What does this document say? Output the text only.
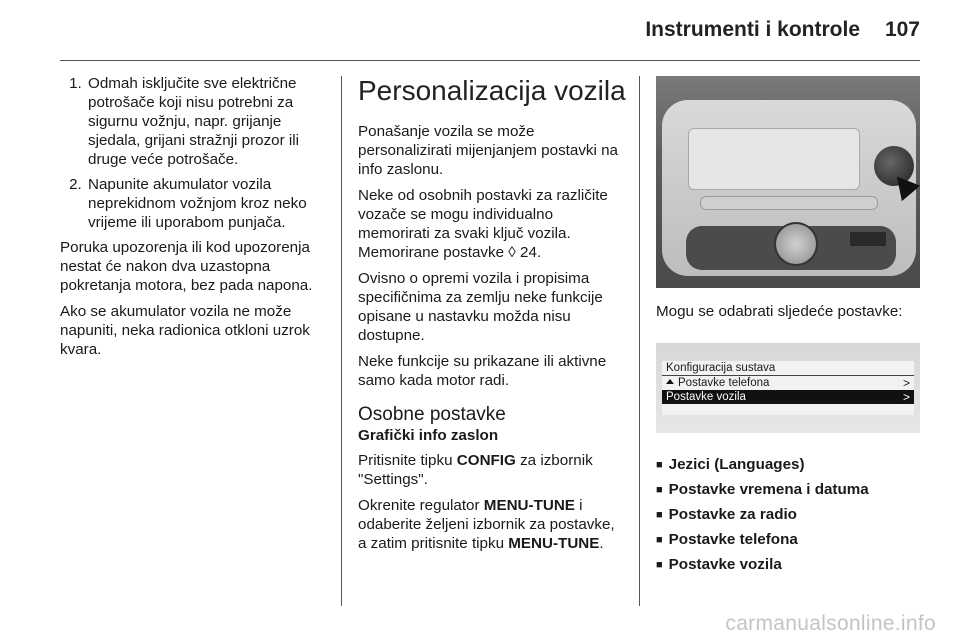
Instrumenti i kontrole 107
1. Odmah isključite sve električne potrošače koji nisu potrebni za sigurnu vožnju, napr. grijanje sjedala, grijani stražnji prozor ili druge veće potrošače.
2. Napunite akumulator vozila neprekidnom vožnjom kroz neko vrijeme ili uporabom punjača.

Poruka upozorenja ili kod upozorenja nestat će nakon dva uzastopna pokretanja motora, bez pada napona.

Ako se akumulator vozila ne može napuniti, neka radionica otkloni uzrok kvara.

Personalizacija vozila

Ponašanje vozila se može personalizirati mijenjanjem postavki na info zaslonu.

Neke od osobnih postavki za različite vozače se mogu individualno memorirati za svaki ključ vozila. Memorirane postavke ◊ 24.

Ovisno o opremi vozila i propisima specifičnima za zemlju neke funkcije opisane u nastavku možda nisu dostupne.

Neke funkcije su prikazane ili aktivne samo kada motor radi.

Osobne postavke
Grafički info zaslon

Pritisnite tipku CONFIG za izbornik "Settings".

Okrenite regulator MENU-TUNE i odaberite željeni izbornik za postavke, a zatim pritisnite tipku MENU-TUNE.

Mogu se odabrati sljedeće postavke:

Konfiguracija sustava
Postavke telefona	>
Postavke vozila	>
■ Jezici (Languages)
■ Postavke vremena i datuma
■ Postavke za radio
■ Postavke telefona
■ Postavke vozila
carmanualsonline.info
